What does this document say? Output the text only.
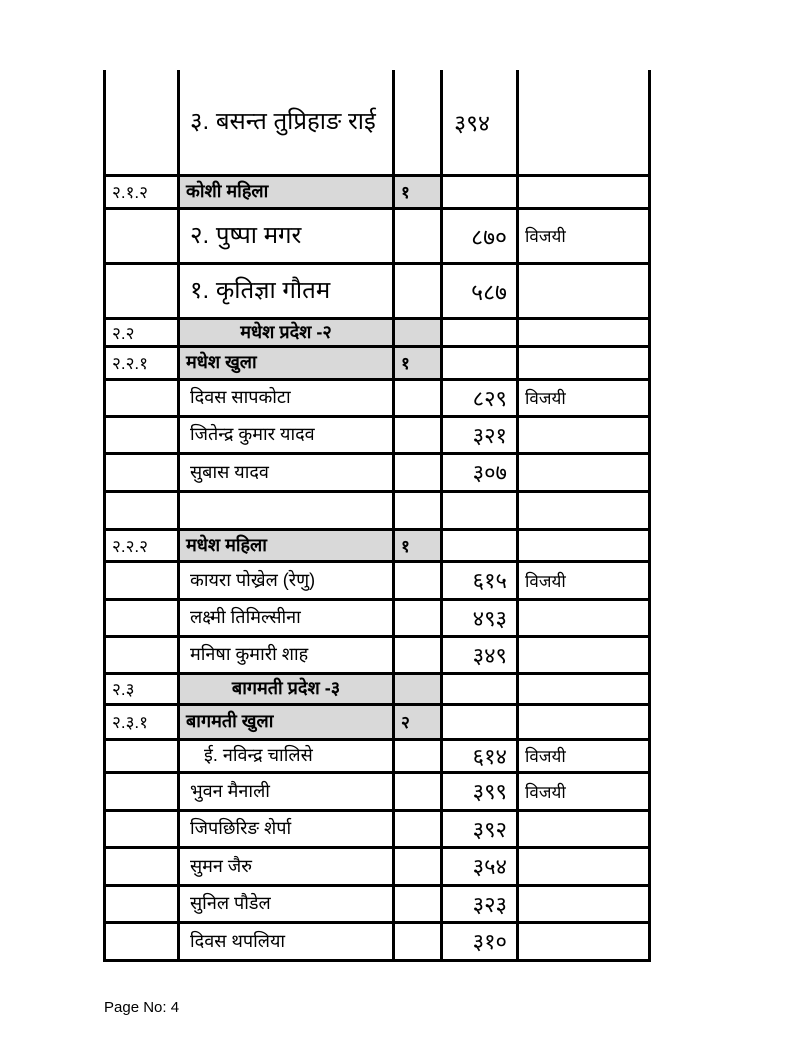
	३. बसन्त तुप्रिहाङ राई		३९४	
२.१.२	कोशी महिला	१		
	२. पुष्पा मगर		८७०	विजयी
	१. कृतिज्ञा गौतम		५८७	
२.२	मधेश प्रदेश -२			
२.२.१	मधेश खुला	१		
	दिवस सापकोटा		८२९	विजयी
	जितेन्द्र कुमार यादव		३२१	
	सुबास यादव		३०७	

२.२.२	मधेश महिला	१		
	कायरा पोख्रेल (रेणु)		६१५	विजयी
	लक्ष्मी तिमिल्सीना		४९३	
	मनिषा कुमारी शाह		३४९	
२.३	बागमती प्रदेश -३			
२.३.१	बागमती खुला	२		
	ई. नविन्द्र चालिसे		६१४	विजयी
	भुवन मैनाली		३९९	विजयी
	जिपछिरिङ शेर्पा		३९२	
	सुमन जैरु		३५४	
	सुनिल पौडेल		३२३	
	दिवस थपलिया		३१०	
Page No: 4
